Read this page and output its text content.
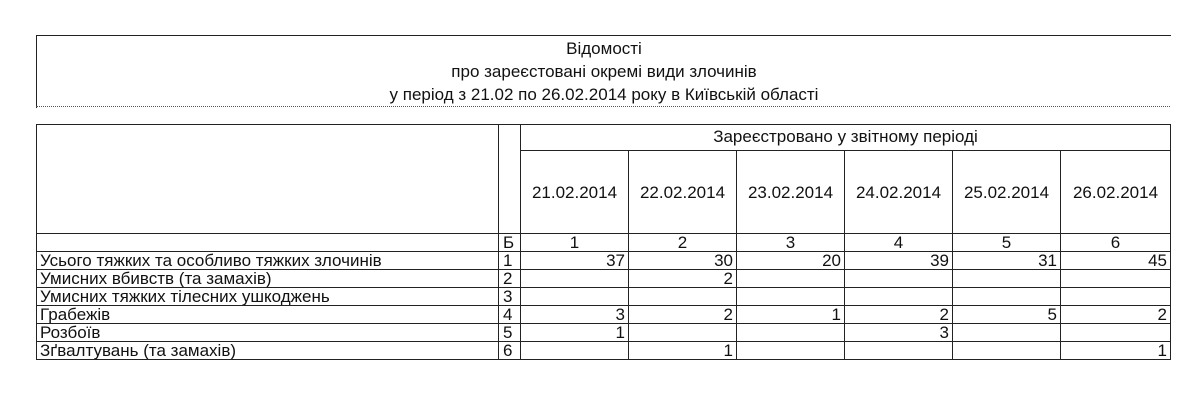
Відомості
про зареєстовані окремі види злочинів
у період з 21.02 по 26.02.2014 року в Київській області
		Зареєстровано у звітному періоді					
		21.02.2014	22.02.2014	23.02.2014	24.02.2014	25.02.2014	26.02.2014
	Б	1	2	3	4	5	6
Усього тяжких та особливо тяжких злочинів	1	37	30	20	39	31	45
Умисних вбивств (та замахів)	2		2				
Умисних тяжких тілесних ушкоджень	3						
Грабежів	4	3	2	1	2	5	2
Розбоїв	5	1			3		
Зґвалтувань (та замахів)	6		1				1
